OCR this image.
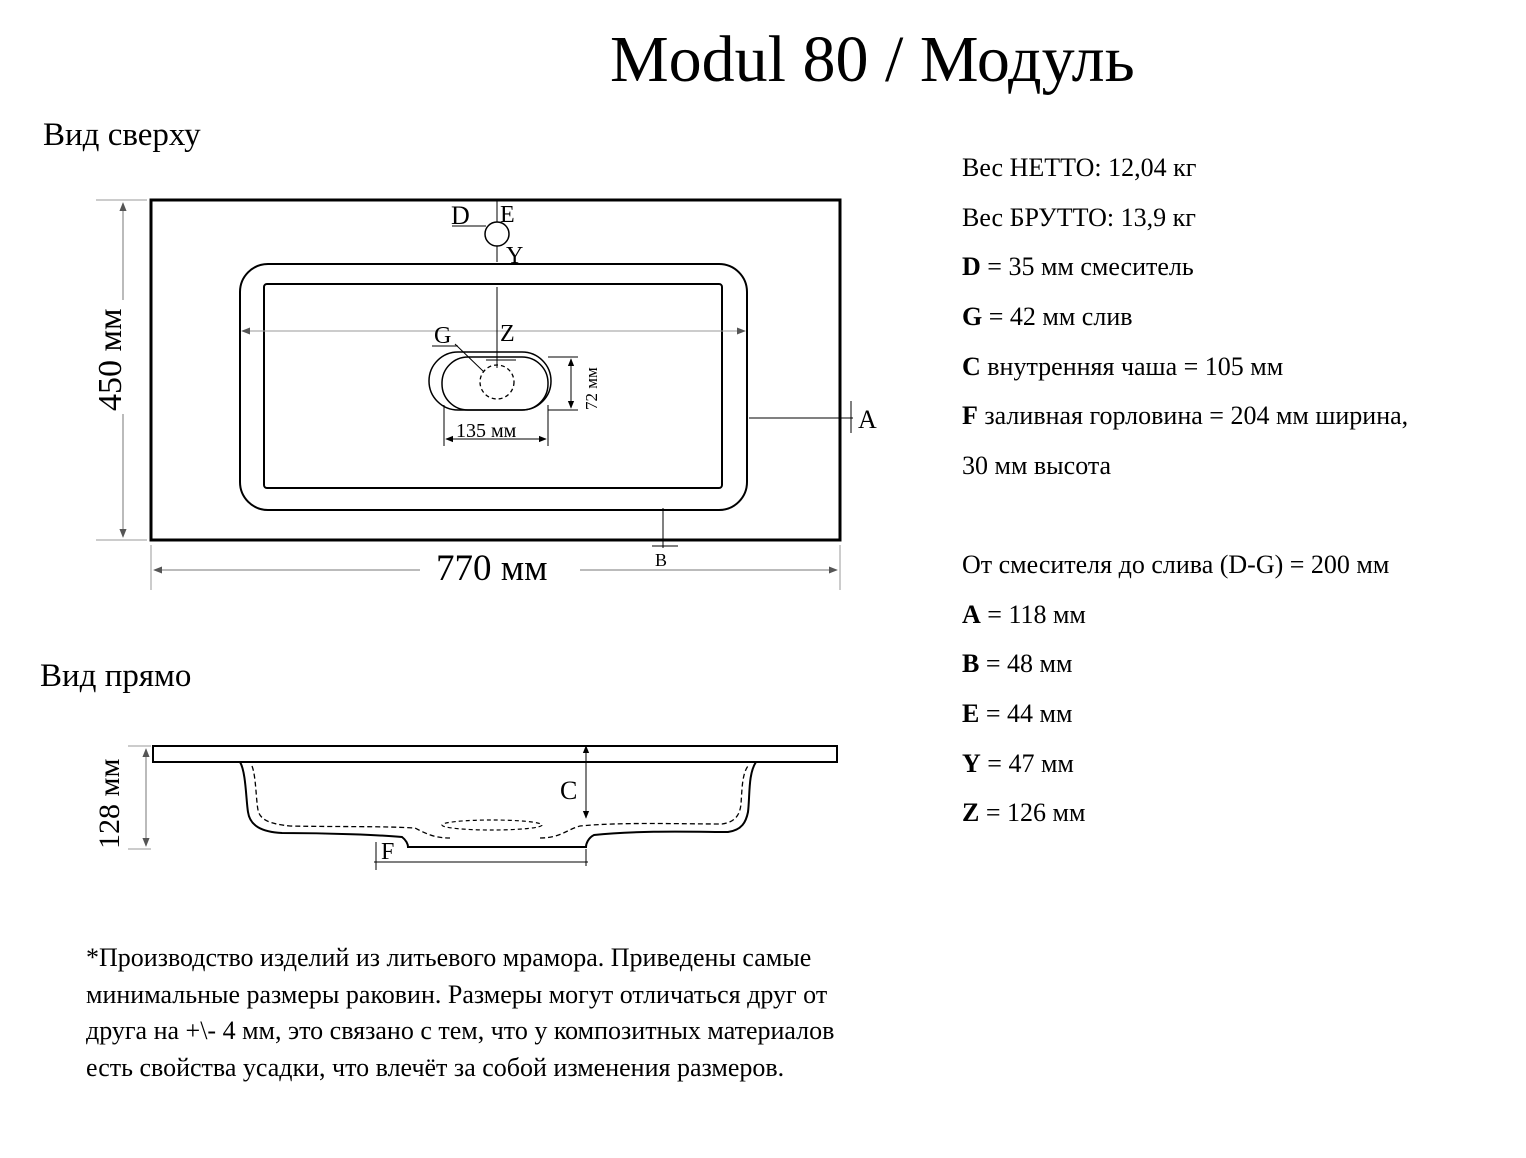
Modul 80 / Модуль
Вид сверху
Вид прямо
D E
Y
Z
G
72 мм
135 мм	A
B
450 мм
770 мм
C
F
128 мм
Вес НЕТТО: 12,04 кг
Вес БРУТТО: 13,9 кг
D = 35 мм смеситель
G = 42 мм слив
C внутренняя чаша = 105 мм
F заливная горловина = 204 мм ширина,
30 мм высота
От смесителя до слива (D-G) = 200 мм
A = 118 мм
B = 48 мм
E = 44 мм
Y = 47 мм
Z = 126 мм
*Производство изделий из литьевого мрамора. Приведены самые минимальные размеры раковин. Размеры могут отличаться друг от друга на +\- 4 мм, это связано с тем, что у композитных материалов есть свойства усадки, что влечёт за собой изменения размеров.
